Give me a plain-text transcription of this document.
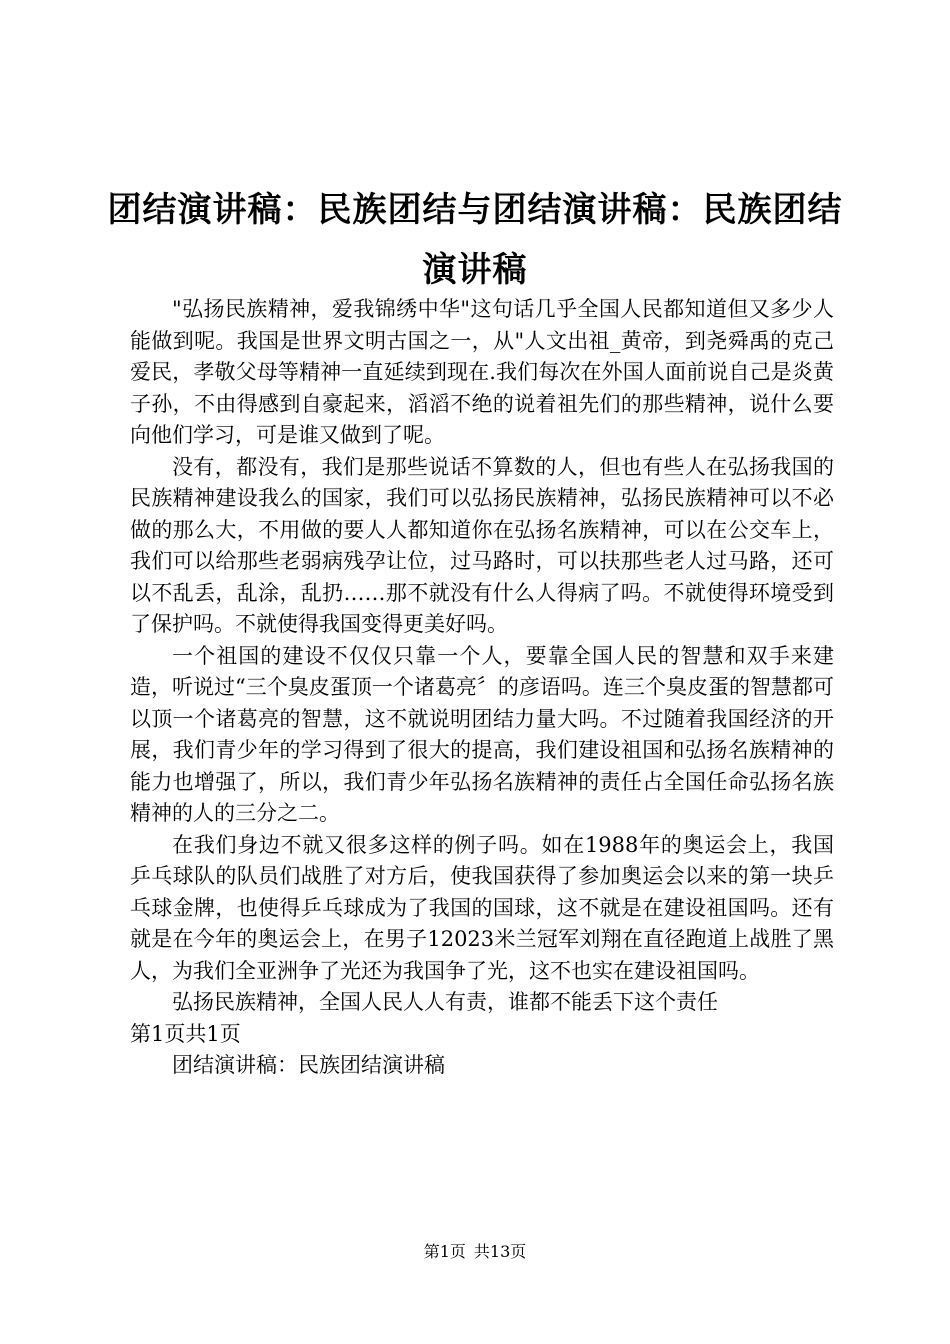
团结演讲稿：民族团结与团结演讲稿：民族团结演讲稿

"弘扬民族精神，爱我锦绣中华"这句话几乎全国人民都知道但又多少人能做到呢。我国是世界文明古国之一，从"人文出祖_黄帝，到尧舜禹的克己爱民，孝敬父母等精神一直延续到现在.我们每次在外国人面前说自己是炎黄子孙，不由得感到自豪起来，滔滔不绝的说着祖先们的那些精神，说什么要向他们学习，可是谁又做到了呢。

没有，都没有，我们是那些说话不算数的人，但也有些人在弘扬我国的民族精神建设我么的国家，我们可以弘扬民族精神，弘扬民族精神可以不必做的那么大，不用做的要人人都知道你在弘扬名族精神，可以在公交车上，我们可以给那些老弱病残孕让位，过马路时，可以扶那些老人过马路，还可以不乱丢，乱涂，乱扔……那不就没有什么人得病了吗。不就使得环境受到了保护吗。不就使得我国变得更美好吗。

一个祖国的建设不仅仅只靠一个人，要靠全国人民的智慧和双手来建造，听说过“三个臭皮蛋顶一个诸葛亮〞的彦语吗。连三个臭皮蛋的智慧都可以顶一个诸葛亮的智慧，这不就说明团结力量大吗。不过随着我国经济的开展，我们青少年的学习得到了很大的提高，我们建设祖国和弘扬名族精神的能力也增强了，所以，我们青少年弘扬名族精神的责任占全国任命弘扬名族精神的人的三分之二。

在我们身边不就又很多这样的例子吗。如在1988年的奥运会上，我国乒乓球队的队员们战胜了对方后，使我国获得了参加奥运会以来的第一块乒乓球金牌，也使得乒乓球成为了我国的国球，这不就是在建设祖国吗。还有就是在今年的奥运会上，在男子12023米兰冠军刘翔在直径跑道上战胜了黑人，为我们全亚洲争了光还为我国争了光，这不也实在建设祖国吗。

弘扬民族精神，全国人民人人有责，谁都不能丢下这个责任

第1页共1页

团结演讲稿：民族团结演讲稿

第1页 共13页
